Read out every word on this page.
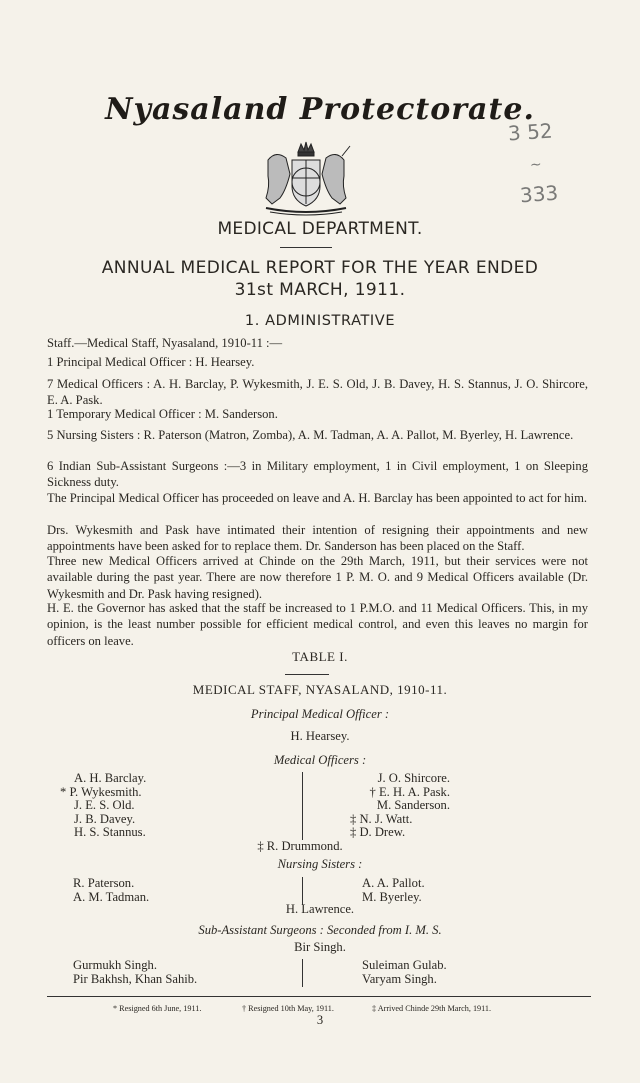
3 52
~
333
Nyasaland Protectorate.
MEDICAL DEPARTMENT.
ANNUAL MEDICAL REPORT FOR THE YEAR ENDED
31st MARCH, 1911.
1. ADMINISTRATIVE
Staff.—Medical Staff, Nyasaland, 1910-11 :—
1 Principal Medical Officer : H. Hearsey.
7 Medical Officers : A. H. Barclay, P. Wykesmith, J. E. S. Old, J. B. Davey, H. S. Stannus, J. O. Shircore, E. A. Pask.
1 Temporary Medical Officer : M. Sanderson.
5 Nursing Sisters : R. Paterson (Matron, Zomba), A. M. Tadman, A. A. Pallot, M. Byerley, H. Lawrence.
6 Indian Sub-Assistant Surgeons :—3 in Military employment, 1 in Civil employment, 1 on Sleeping Sickness duty.
The Principal Medical Officer has proceeded on leave and A. H. Barclay has been appointed to act for him.
Drs. Wykesmith and Pask have intimated their intention of resigning their appointments and new appointments have been asked for to replace them. Dr. Sanderson has been placed on the Staff.
Three new Medical Officers arrived at Chinde on the 29th March, 1911, but their services were not available during the past year. There are now therefore 1 P. M. O. and 9 Medical Officers available (Dr. Wykesmith and Dr. Pask having resigned).
H. E. the Governor has asked that the staff be increased to 1 P.M.O. and 11 Medical Officers. This, in my opinion, is the least number possible for efficient medical control, and even this leaves no margin for officers on leave.
TABLE I.
MEDICAL STAFF, NYASALAND, 1910-11.
Principal Medical Officer :
H. Hearsey.
Medical Officers :
A. H. Barclay.
* P. Wykesmith.
J. E. S. Old.
J. B. Davey.
H. S. Stannus.
J. O. Shircore.
† E. H. A. Pask.
M. Sanderson.
‡ N. J. Watt.
‡ D. Drew.
‡ R. Drummond.
Nursing Sisters :
R. Paterson.
A. M. Tadman.
A. A. Pallot.
M. Byerley.
H. Lawrence.
Sub-Assistant Surgeons : Seconded from I. M. S.
Bir Singh.
Gurmukh Singh.
Pir Bakhsh, Khan Sahib.
Suleiman Gulab.
Varyam Singh.
* Resigned 6th June, 1911.	† Resigned 10th May, 1911.	‡ Arrived Chinde 29th March, 1911.
3
